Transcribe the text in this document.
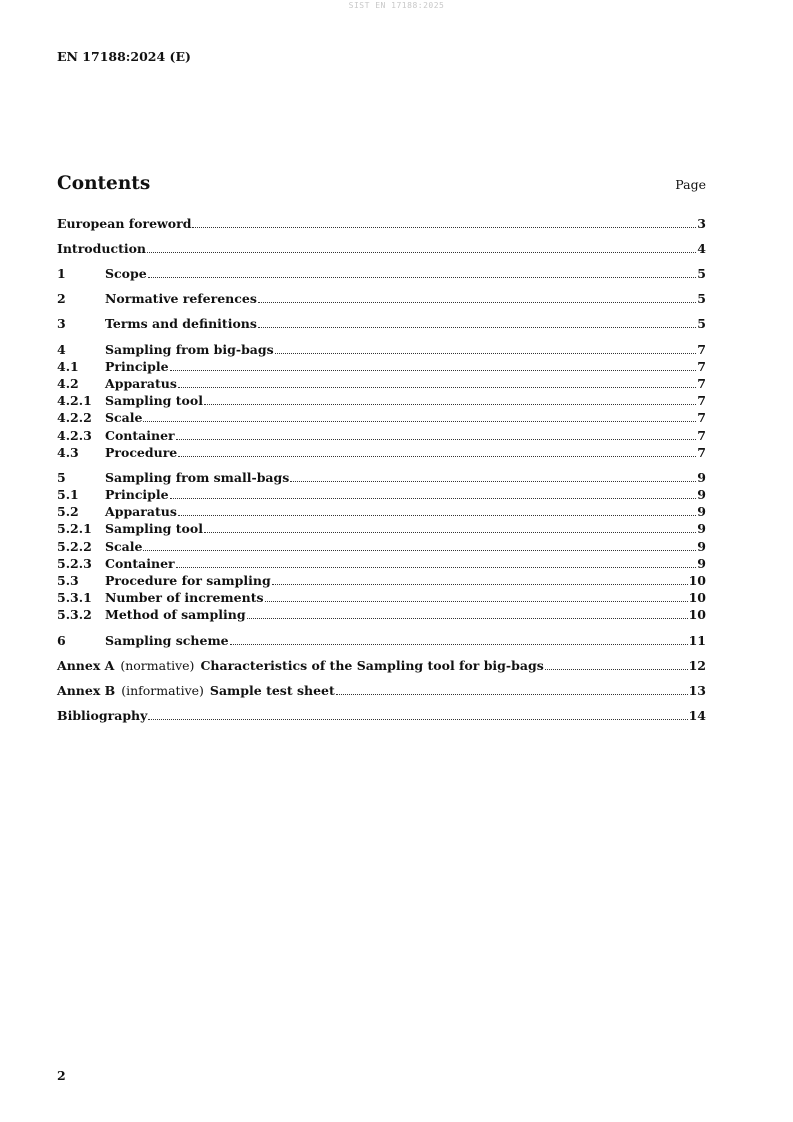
SIST EN 17188:2025
EN 17188:2024 (E)
Contents	Page
European foreword	3
Introduction	4
1	Scope	5
2	Normative references	5
3	Terms and definitions	5
4	Sampling from big-bags	7
4.1	Principle	7
4.2	Apparatus	7
4.2.1	Sampling tool	7
4.2.2	Scale	7
4.2.3	Container	7
4.3	Procedure	7
5	Sampling from small-bags	9
5.1	Principle	9
5.2	Apparatus	9
5.2.1	Sampling tool	9
5.2.2	Scale	9
5.2.3	Container	9
5.3	Procedure for sampling	10
5.3.1	Number of increments	10
5.3.2	Method of sampling	10
6	Sampling scheme	11
Annex A (normative) Characteristics of the Sampling tool for big-bags	12
Annex B (informative) Sample test sheet	13
Bibliography	14
2
